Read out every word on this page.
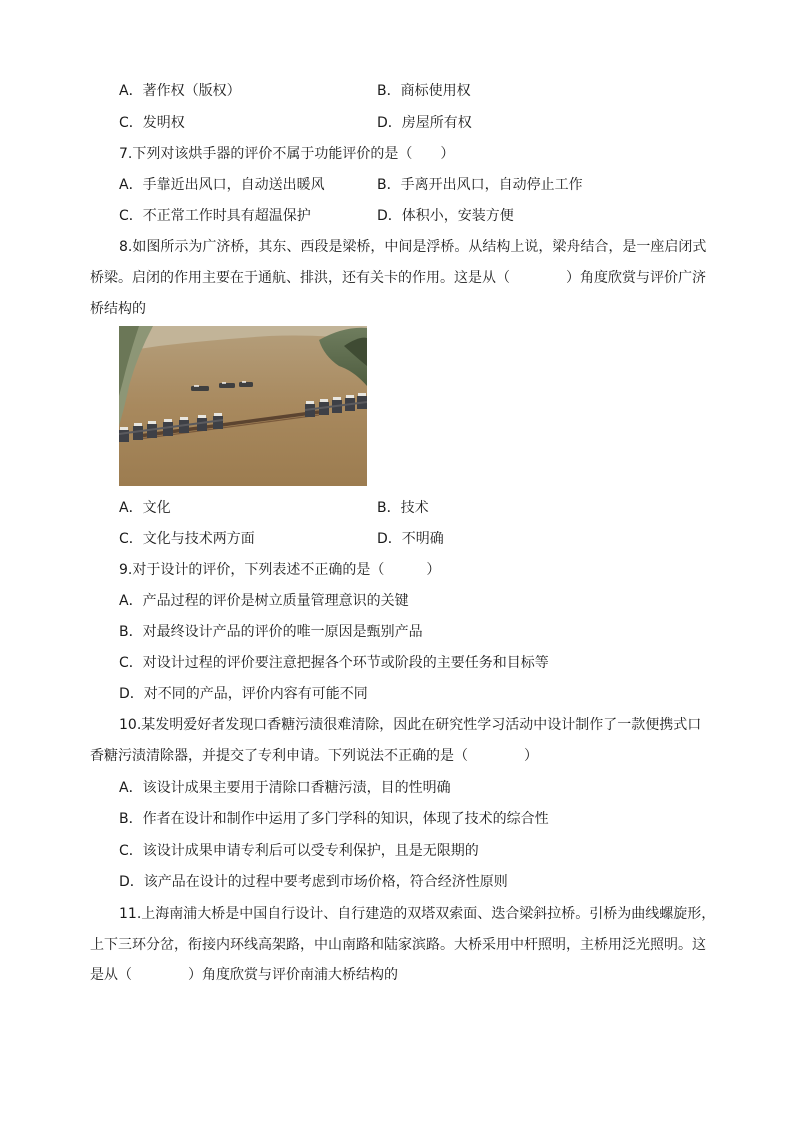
A．著作权（版权）	B．商标使用权
C．发明权	D．房屋所有权
7.下列对该烘手器的评价不属于功能评价的是（　　）
A．手靠近出风口，自动送出暖风	B．手离开出风口，自动停止工作
C．不正常工作时具有超温保护	D．体积小，安装方便
8.如图所示为广济桥，其东、西段是梁桥，中间是浮桥。从结构上说，梁舟结合，是一座启闭式
桥梁。启闭的作用主要在于通航、排洪，还有关卡的作用。这是从（　　　　）角度欣赏与评价广济
桥结构的
A．文化	B．技术
C．文化与技术两方面	D．不明确
9.对于设计的评价，下列表述不正确的是（　　　）
A．产品过程的评价是树立质量管理意识的关键
B．对最终设计产品的评价的唯一原因是甄别产品
C．对设计过程的评价要注意把握各个环节或阶段的主要任务和目标等
D．对不同的产品，评价内容有可能不同
10.某发明爱好者发现口香糖污渍很难清除，因此在研究性学习活动中设计制作了一款便携式口
香糖污渍清除器，并提交了专利申请。下列说法不正确的是（　　　　）
A．该设计成果主要用于清除口香糖污渍，目的性明确
B．作者在设计和制作中运用了多门学科的知识，体现了技术的综合性
C．该设计成果申请专利后可以受专利保护，且是无限期的
D．该产品在设计的过程中要考虑到市场价格，符合经济性原则
11.上海南浦大桥是中国自行设计、自行建造的双塔双索面、迭合梁斜拉桥。引桥为曲线螺旋形，
上下三环分岔，衔接内环线高架路，中山南路和陆家滨路。大桥采用中杆照明，主桥用泛光照明。这
是从（　　　　）角度欣赏与评价南浦大桥结构的
